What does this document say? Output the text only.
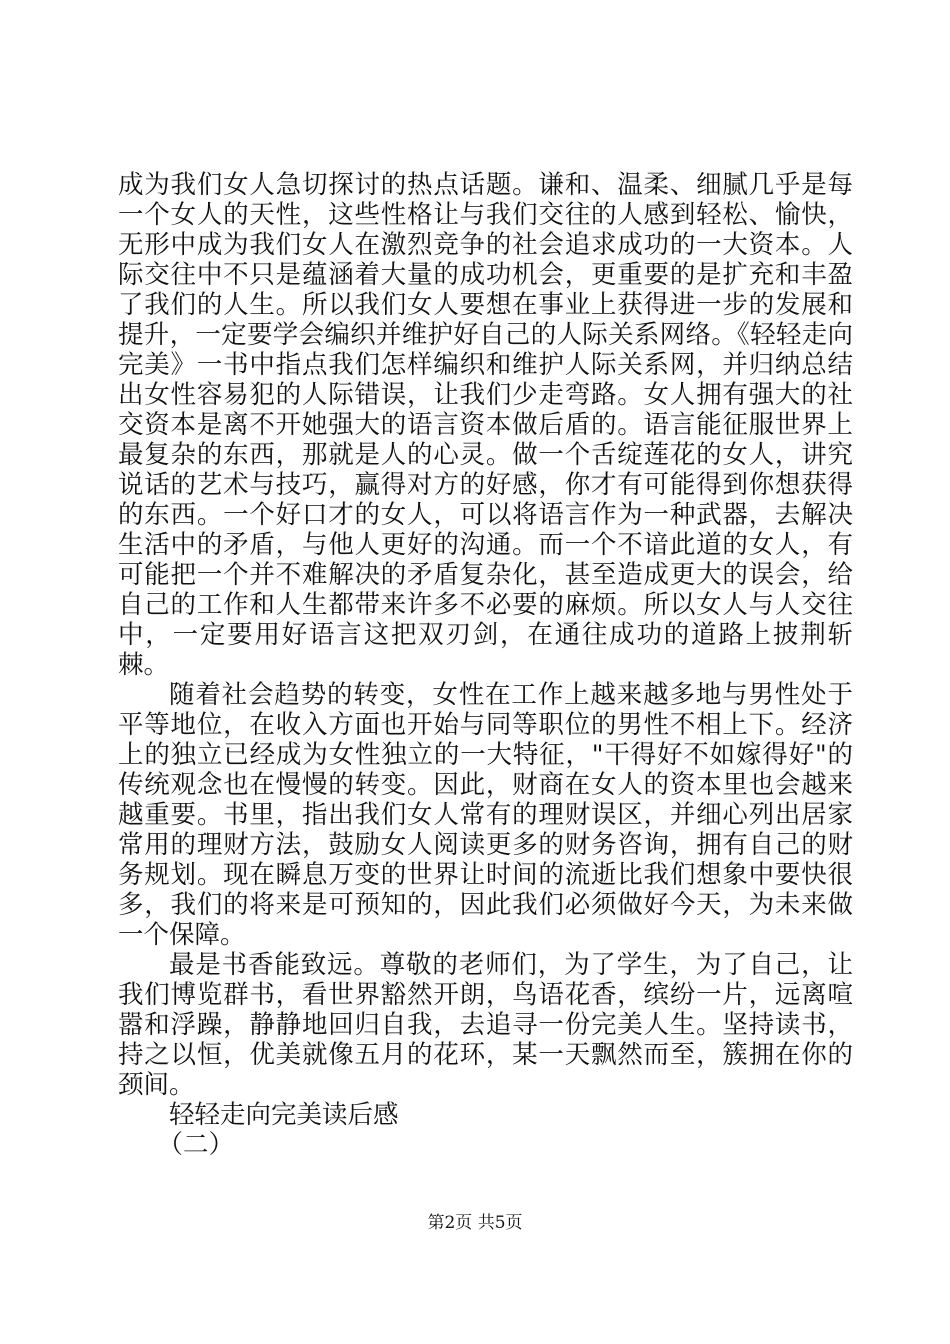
成为我们女人急切探讨的热点话题。谦和、温柔、细腻几乎是每一个女人的天性，这些性格让与我们交往的人感到轻松、愉快，无形中成为我们女人在激烈竞争的社会追求成功的一大资本。人际交往中不只是蕴涵着大量的成功机会，更重要的是扩充和丰盈了我们的人生。所以我们女人要想在事业上获得进一步的发展和提升，一定要学会编织并维护好自己的人际关系网络。《轻轻走向完美》一书中指点我们怎样编织和维护人际关系网，并归纳总结出女性容易犯的人际错误，让我们少走弯路。女人拥有强大的社交资本是离不开她强大的语言资本做后盾的。语言能征服世界上最复杂的东西，那就是人的心灵。做一个舌绽莲花的女人，讲究说话的艺术与技巧，赢得对方的好感，你才有可能得到你想获得的东西。一个好口才的女人，可以将语言作为一种武器，去解决生活中的矛盾，与他人更好的沟通。而一个不谙此道的女人，有可能把一个并不难解决的矛盾复杂化，甚至造成更大的误会，给自己的工作和人生都带来许多不必要的麻烦。所以女人与人交往中，一定要用好语言这把双刃剑，在通往成功的道路上披荆斩棘。

随着社会趋势的转变，女性在工作上越来越多地与男性处于平等地位，在收入方面也开始与同等职位的男性不相上下。经济上的独立已经成为女性独立的一大特征，"干得好不如嫁得好"的传统观念也在慢慢的转变。因此，财商在女人的资本里也会越来越重要。书里，指出我们女人常有的理财误区，并细心列出居家常用的理财方法，鼓励女人阅读更多的财务咨询，拥有自己的财务规划。现在瞬息万变的世界让时间的流逝比我们想象中要快很多，我们的将来是可预知的，因此我们必须做好今天，为未来做一个保障。

最是书香能致远。尊敬的老师们，为了学生，为了自己，让我们博览群书，看世界豁然开朗，鸟语花香，缤纷一片，远离喧嚣和浮躁，静静地回归自我，去追寻一份完美人生。坚持读书，持之以恒，优美就像五月的花环，某一天飘然而至，簇拥在你的颈间。

轻轻走向完美读后感

（二）

第2页 共5页
